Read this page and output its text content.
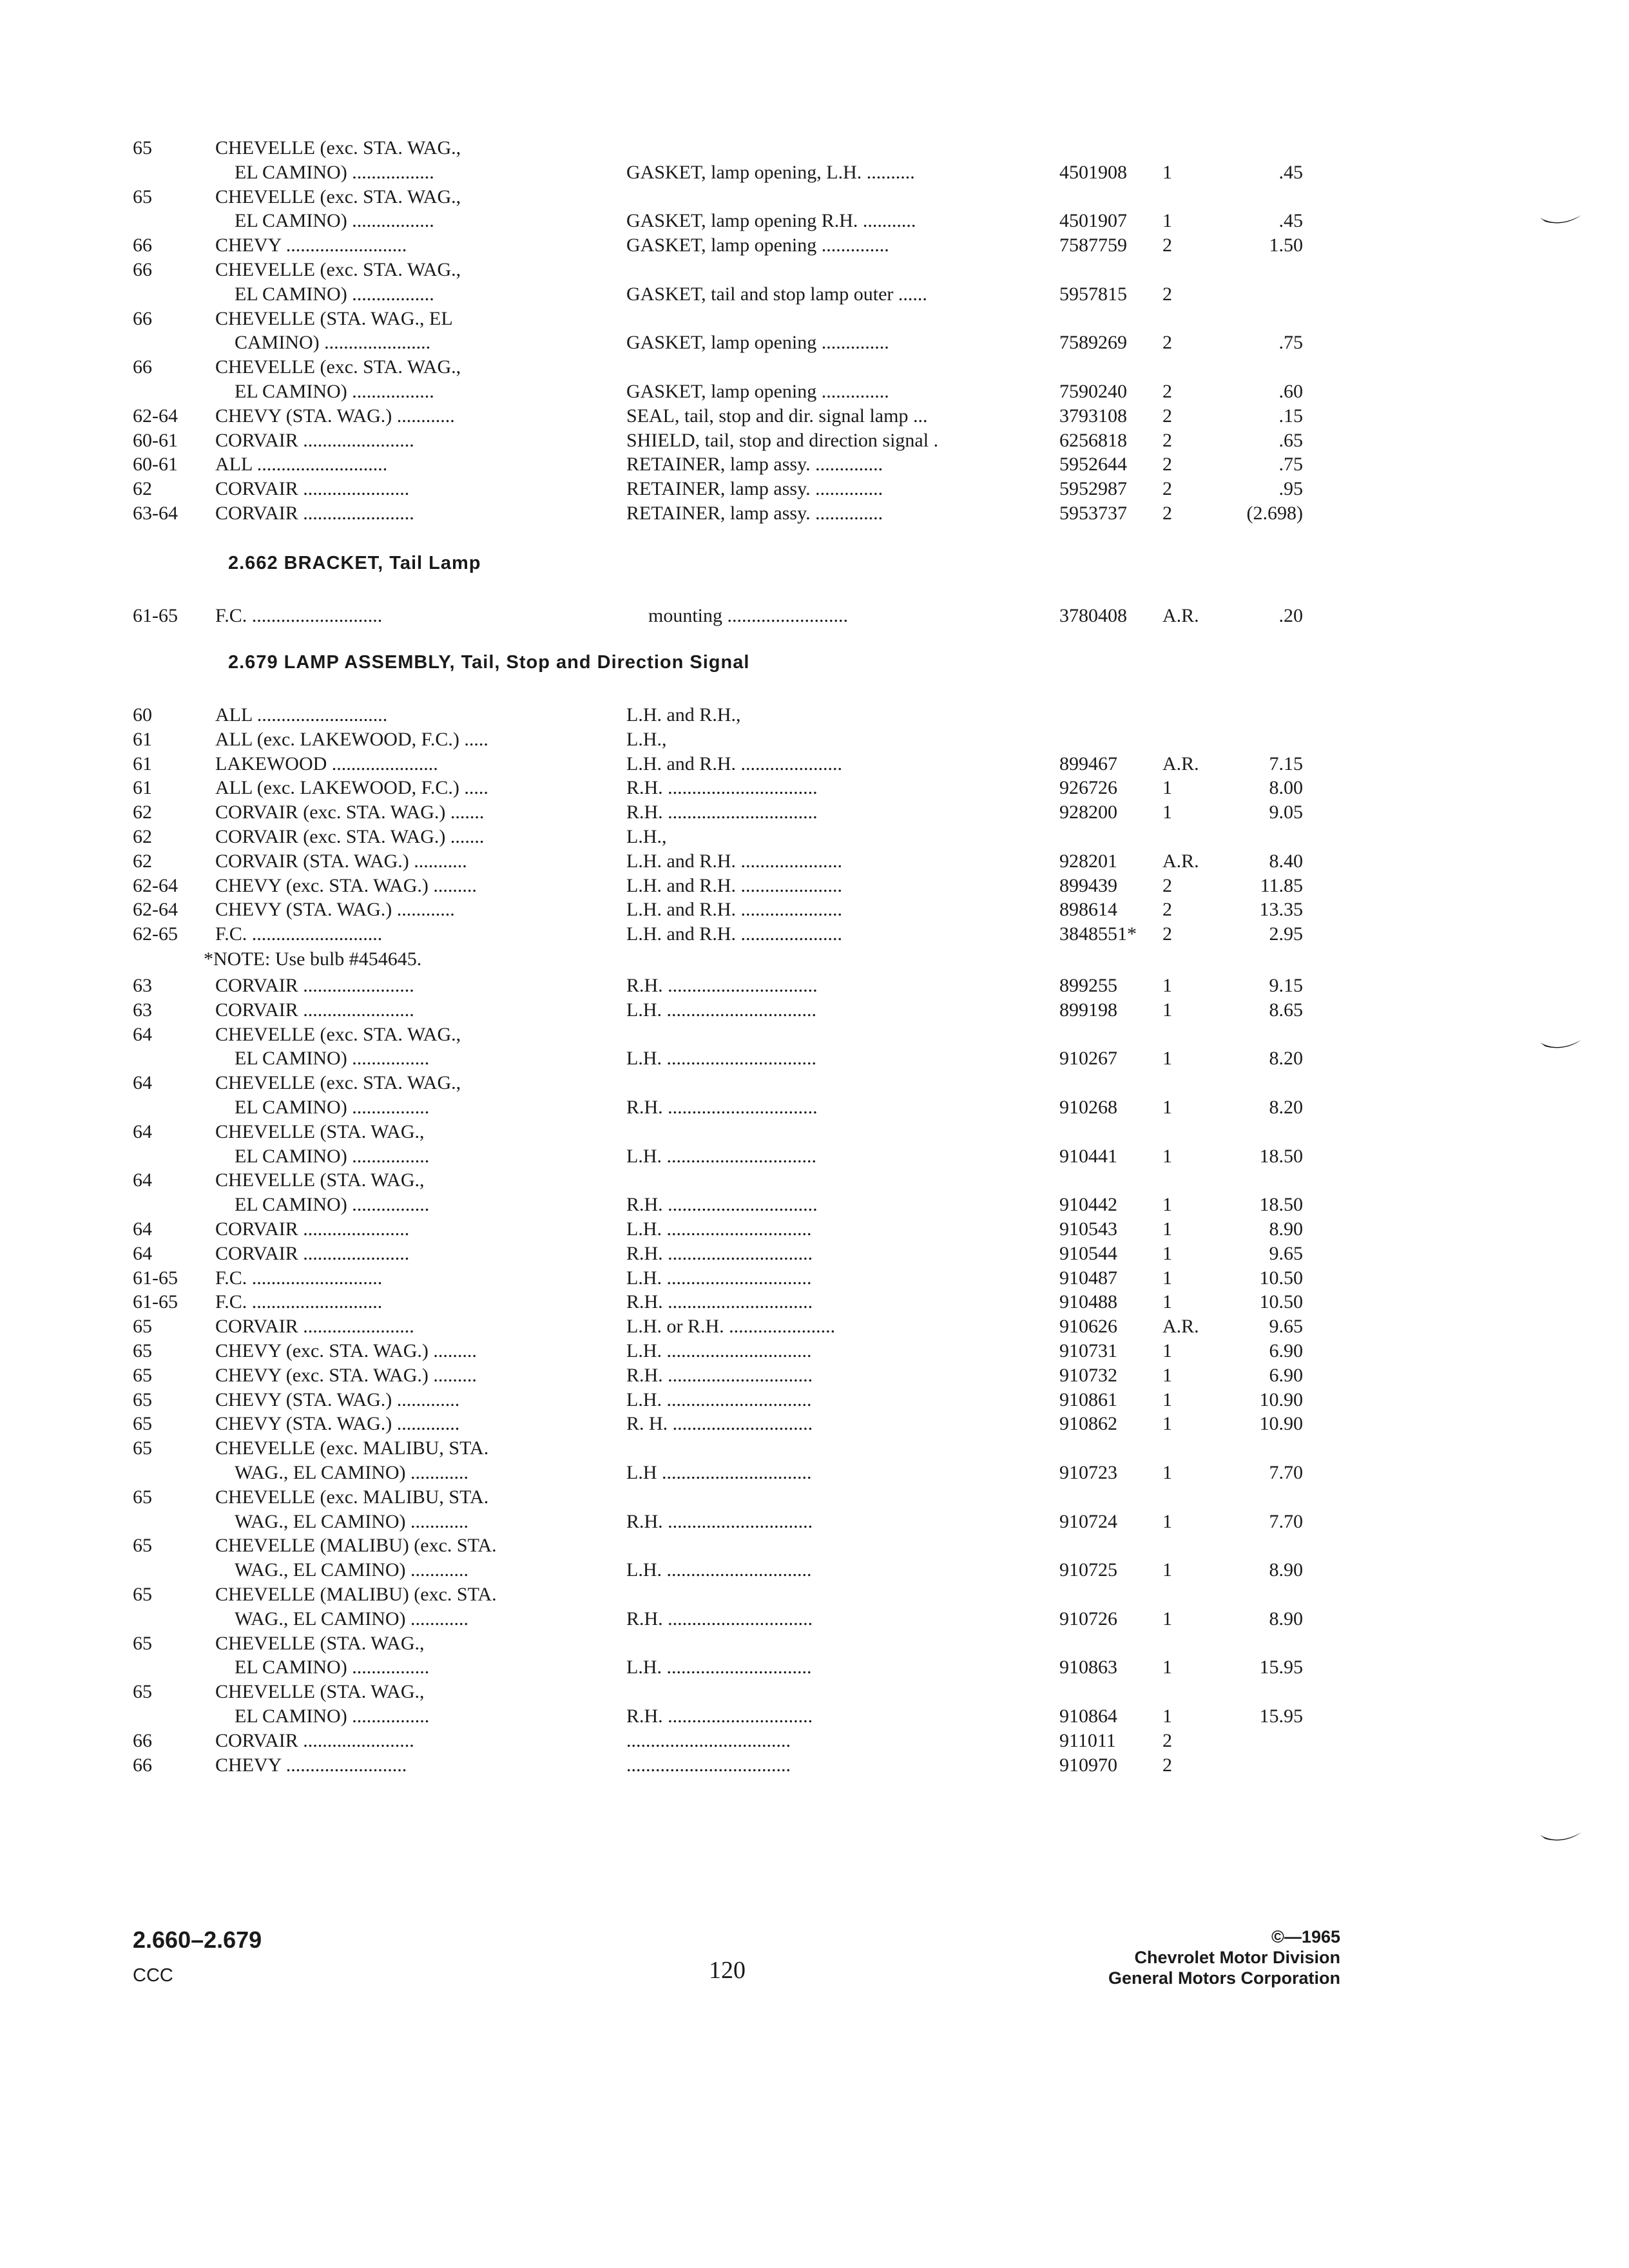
65	CHEVELLE (exc. STA. WAG.,
EL CAMINO) .................	GASKET, lamp opening, L.H. ..........	4501908	1	.45
65	CHEVELLE (exc. STA. WAG.,
EL CAMINO) .................	GASKET, lamp opening R.H. ...........	4501907	1	.45
66	CHEVY .........................	GASKET, lamp opening ..............	7587759	2	1.50
66	CHEVELLE (exc. STA. WAG.,
EL CAMINO) .................	GASKET, tail and stop lamp outer ......	5957815	2
66	CHEVELLE (STA. WAG., EL
CAMINO) ......................	GASKET, lamp opening ..............	7589269	2	.75
66	CHEVELLE (exc. STA. WAG.,
EL CAMINO) .................	GASKET, lamp opening ..............	7590240	2	.60
62-64 CHEVY (STA. WAG.) ............	SEAL, tail, stop and dir. signal lamp ...	3793108	2	.15
60-61 CORVAIR .......................	SHIELD, tail, stop and direction signal .	6256818	2	.65
60-61 ALL ...........................	RETAINER, lamp assy. ..............	5952644	2	.75
62	CORVAIR ......................	RETAINER, lamp assy. ..............	5952987	2	.95
63-64 CORVAIR .......................	RETAINER, lamp assy. ..............	5953737	2	(2.698)
2.662 BRACKET, Tail Lamp
61-65 F.C. ...........................	mounting .........................	3780408	A.R.	.20
2.679 LAMP ASSEMBLY, Tail, Stop and Direction Signal
60	ALL ...........................	L.H. and R.H.,
61	ALL (exc. LAKEWOOD, F.C.) .....	L.H.,
61	LAKEWOOD ......................	L.H. and R.H. .....................	899467	A.R.	7.15
61	ALL (exc. LAKEWOOD, F.C.) .....	R.H. ...............................	926726	1	8.00
62	CORVAIR (exc. STA. WAG.) .......	R.H. ...............................	928200	1	9.05
62	CORVAIR (exc. STA. WAG.) .......	L.H.,
62	CORVAIR (STA. WAG.) ...........	L.H. and R.H. .....................	928201	A.R.	8.40
62-64 CHEVY (exc. STA. WAG.) .........	L.H. and R.H. .....................	899439	2	11.85
62-64 CHEVY (STA. WAG.) ............	L.H. and R.H. .....................	898614	2	13.35
62-65 F.C. ...........................	L.H. and R.H. .....................	3848551*	2	2.95
*NOTE: Use bulb #454645.
63	CORVAIR .......................	R.H. ...............................	899255	1	9.15
63	CORVAIR .......................	L.H. ...............................	899198	1	8.65
64	CHEVELLE (exc. STA. WAG.,
EL CAMINO) ................	L.H. ...............................	910267	1	8.20
64	CHEVELLE (exc. STA. WAG.,
EL CAMINO) ................	R.H. ...............................	910268	1	8.20
64	CHEVELLE (STA. WAG.,
EL CAMINO) ................	L.H. ...............................	910441	1	18.50
64	CHEVELLE (STA. WAG.,
EL CAMINO) ................	R.H. ...............................	910442	1	18.50
64	CORVAIR ......................	L.H. ..............................	910543	1	8.90
64	CORVAIR ......................	R.H. ..............................	910544	1	9.65
61-65 F.C. ...........................	L.H. ..............................	910487	1	10.50
61-65 F.C. ...........................	R.H. ..............................	910488	1	10.50
65	CORVAIR .......................	L.H. or R.H. ......................	910626	A.R.	9.65
65	CHEVY (exc. STA. WAG.) .........	L.H. ..............................	910731	1	6.90
65	CHEVY (exc. STA. WAG.) .........	R.H. ..............................	910732	1	6.90
65	CHEVY (STA. WAG.) .............	L.H. ..............................	910861	1	10.90
65	CHEVY (STA. WAG.) .............	R. H. .............................	910862	1	10.90
65	CHEVELLE (exc. MALIBU, STA.
WAG., EL CAMINO) ............	L.H ...............................	910723	1	7.70
65	CHEVELLE (exc. MALIBU, STA.
WAG., EL CAMINO) ............	R.H. ..............................	910724	1	7.70
65	CHEVELLE (MALIBU) (exc. STA.
WAG., EL CAMINO) ............	L.H. ..............................	910725	1	8.90
65	CHEVELLE (MALIBU) (exc. STA.
WAG., EL CAMINO) ............	R.H. ..............................	910726	1	8.90
65	CHEVELLE (STA. WAG.,
EL CAMINO) ................	L.H. ..............................	910863	1	15.95
65	CHEVELLE (STA. WAG.,
EL CAMINO) ................	R.H. ..............................	910864	1	15.95
66	CORVAIR .......................	..................................	911011	2
66	CHEVY .........................	..................................	910970	2
2.660–2.679
CCC	120
©—1965
Chevrolet Motor Division
General Motors Corporation
